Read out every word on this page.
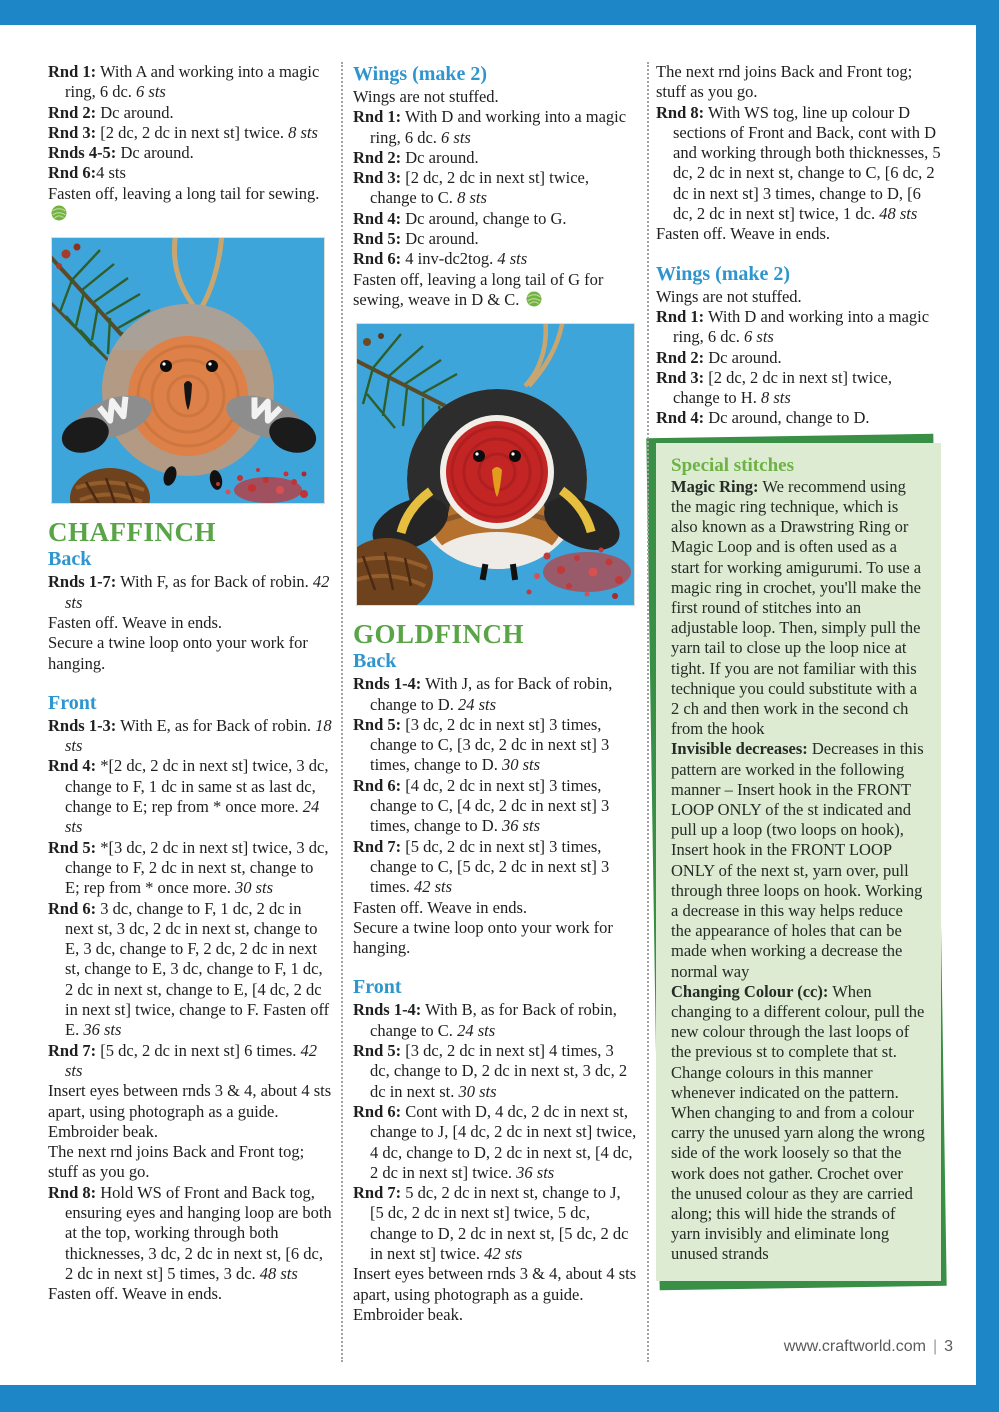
Rnd 1: With A and working into a magic ring, 6 dc. 6 sts

Rnd 2: Dc around.

Rnd 3: [2 dc, 2 dc in next st] twice. 8 sts

Rnds 4-5: Dc around.

Rnd 6:4 sts

Fasten off, leaving a long tail for sewing.

CHAFFINCH
Back

Rnds 1-7: With F, as for Back of robin. 42 sts

Fasten off. Weave in ends.

Secure a twine loop onto your work for hanging.

Front

Rnds 1-3: With E, as for Back of robin. 18 sts

Rnd 4: *[2 dc, 2 dc in next st] twice, 3 dc, change to F, 1 dc in same st as last dc, change to E; rep from * once more. 24 sts

Rnd 5: *[3 dc, 2 dc in next st] twice, 3 dc, change to F, 2 dc in next st, change to E; rep from * once more. 30 sts

Rnd 6: 3 dc, change to F, 1 dc, 2 dc in next st, 3 dc, 2 dc in next st, change to E, 3 dc, change to F, 2 dc, 2 dc in next st, change to E, 3 dc, change to F, 1 dc, 2 dc in next st, change to E, [4 dc, 2 dc in next st] twice, change to F. Fasten off E. 36 sts

Rnd 7: [5 dc, 2 dc in next st] 6 times. 42 sts

Insert eyes between rnds 3 & 4, about 4 sts apart, using photograph as a guide.

Embroider beak.

The next rnd joins Back and Front tog; stuff as you go.

Rnd 8: Hold WS of Front and Back tog, ensuring eyes and hanging loop are both at the top, working through both thicknesses, 3 dc, 2 dc in next st, [6 dc, 2 dc in next st] 5 times, 3 dc. 48 sts

Fasten off. Weave in ends.

Wings (make 2)

Wings are not stuffed.

Rnd 1: With D and working into a magic ring, 6 dc. 6 sts

Rnd 2: Dc around.

Rnd 3: [2 dc, 2 dc in next st] twice, change to C. 8 sts

Rnd 4: Dc around, change to G.

Rnd 5: Dc around.

Rnd 6: 4 inv-dc2tog. 4 sts

Fasten off, leaving a long tail of G for sewing, weave in D & C.

GOLDFINCH
Back

Rnds 1-4: With J, as for Back of robin, change to D. 24 sts

Rnd 5: [3 dc, 2 dc in next st] 3 times, change to C, [3 dc, 2 dc in next st] 3 times, change to D. 30 sts

Rnd 6: [4 dc, 2 dc in next st] 3 times, change to C, [4 dc, 2 dc in next st] 3 times, change to D. 36 sts

Rnd 7: [5 dc, 2 dc in next st] 3 times, change to C, [5 dc, 2 dc in next st] 3 times. 42 sts

Fasten off. Weave in ends.

Secure a twine loop onto your work for hanging.

Front

Rnds 1-4: With B, as for Back of robin, change to C. 24 sts

Rnd 5: [3 dc, 2 dc in next st] 4 times, 3 dc, change to D, 2 dc in next st, 3 dc, 2 dc in next st. 30 sts

Rnd 6: Cont with D, 4 dc, 2 dc in next st, change to J, [4 dc, 2 dc in next st] twice, 4 dc, change to D, 2 dc in next st, [4 dc, 2 dc in next st] twice. 36 sts

Rnd 7: 5 dc, 2 dc in next st, change to J, [5 dc, 2 dc in next st] twice, 5 dc, change to D, 2 dc in next st, [5 dc, 2 dc in next st] twice. 42 sts

Insert eyes between rnds 3 & 4, about 4 sts apart, using photograph as a guide.

Embroider beak.

The next rnd joins Back and Front tog; stuff as you go.

Rnd 8: With WS tog, line up colour D sections of Front and Back, cont with D and working through both thicknesses, 5 dc, 2 dc in next st, change to C, [6 dc, 2 dc in next st] 3 times, change to D, [6 dc, 2 dc in next st] twice, 1 dc. 48 sts

Fasten off. Weave in ends.

Wings (make 2)

Wings are not stuffed.

Rnd 1: With D and working into a magic ring, 6 dc. 6 sts

Rnd 2: Dc around.

Rnd 3: [2 dc, 2 dc in next st] twice, change to H. 8 sts

Rnd 4: Dc around, change to D.

Special stitches

Magic Ring: We recommend using the magic ring technique, which is also known as a Drawstring Ring or Magic Loop and is often used as a start for working amigurumi. To use a magic ring in crochet, you'll make the first round of stitches into an adjustable loop. Then, simply pull the yarn tail to close up the loop nice at tight. If you are not familiar with this technique you could substitute with a 2 ch and then work in the second ch from the hook

Invisible decreases: Decreases in this pattern are worked in the following manner – Insert hook in the FRONT LOOP ONLY of the st indicated and pull up a loop (two loops on hook), Insert hook in the FRONT LOOP ONLY of the next st, yarn over, pull through three loops on hook. Working a decrease in this way helps reduce the appearance of holes that can be made when working a decrease the normal way

Changing Colour (cc): When changing to a different colour, pull the new colour through the last loops of the previous st to complete that st. Change colours in this manner whenever indicated on the pattern. When changing to and from a colour carry the unused yarn along the wrong side of the work loosely so that the work does not gather. Crochet over the unused colour as they are carried along; this will hide the strands of yarn invisibly and eliminate long unused strands

www.craftworld.com | 3
